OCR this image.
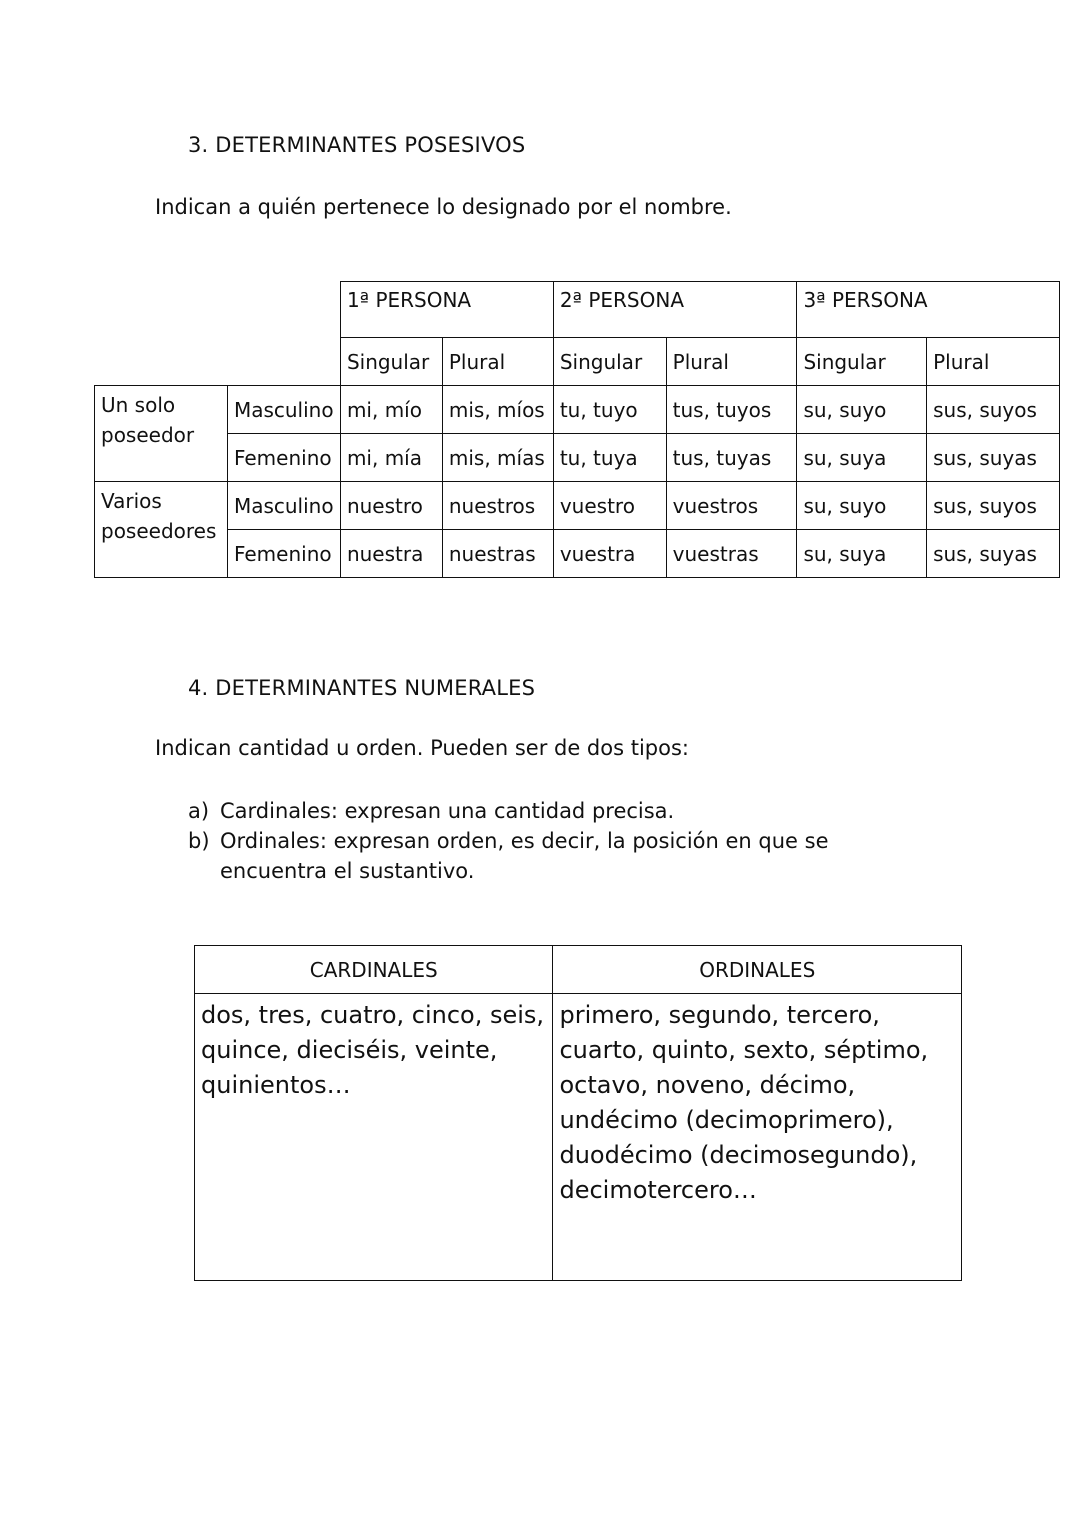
3. DETERMINANTES POSESIVOS
Indican a quién pertenece lo designado por el nombre.
		1ª PERSONA		2ª PERSONA		3ª PERSONA	
		Singular	Plural	Singular	Plural	Singular	Plural
Un solo poseedor	Masculino	mi, mío	mis, míos	tu, tuyo	tus, tuyos	su, suyo	sus, suyos
	Femenino	mi, mía	mis, mías	tu, tuya	tus, tuyas	su, suya	sus, suyas
Varios poseedores	Masculino	nuestro	nuestros	vuestro	vuestros	su, suyo	sus, suyos
	Femenino	nuestra	nuestras	vuestra	vuestras	su, suya	sus, suyas
4. DETERMINANTES NUMERALES
Indican cantidad u orden. Pueden ser de dos tipos:
a) Cardinales: expresan una cantidad precisa.
b) Ordinales: expresan orden, es decir, la posición en que se encuentra el sustantivo.
CARDINALES	ORDINALES

dos, tres, cuatro, cinco, seis, quince, dieciséis, veinte, quinientos…	primero, segundo, tercero, cuarto, quinto, sexto, séptimo, octavo, noveno, décimo, undécimo (decimoprimero), duodécimo (decimosegundo), decimotercero…
